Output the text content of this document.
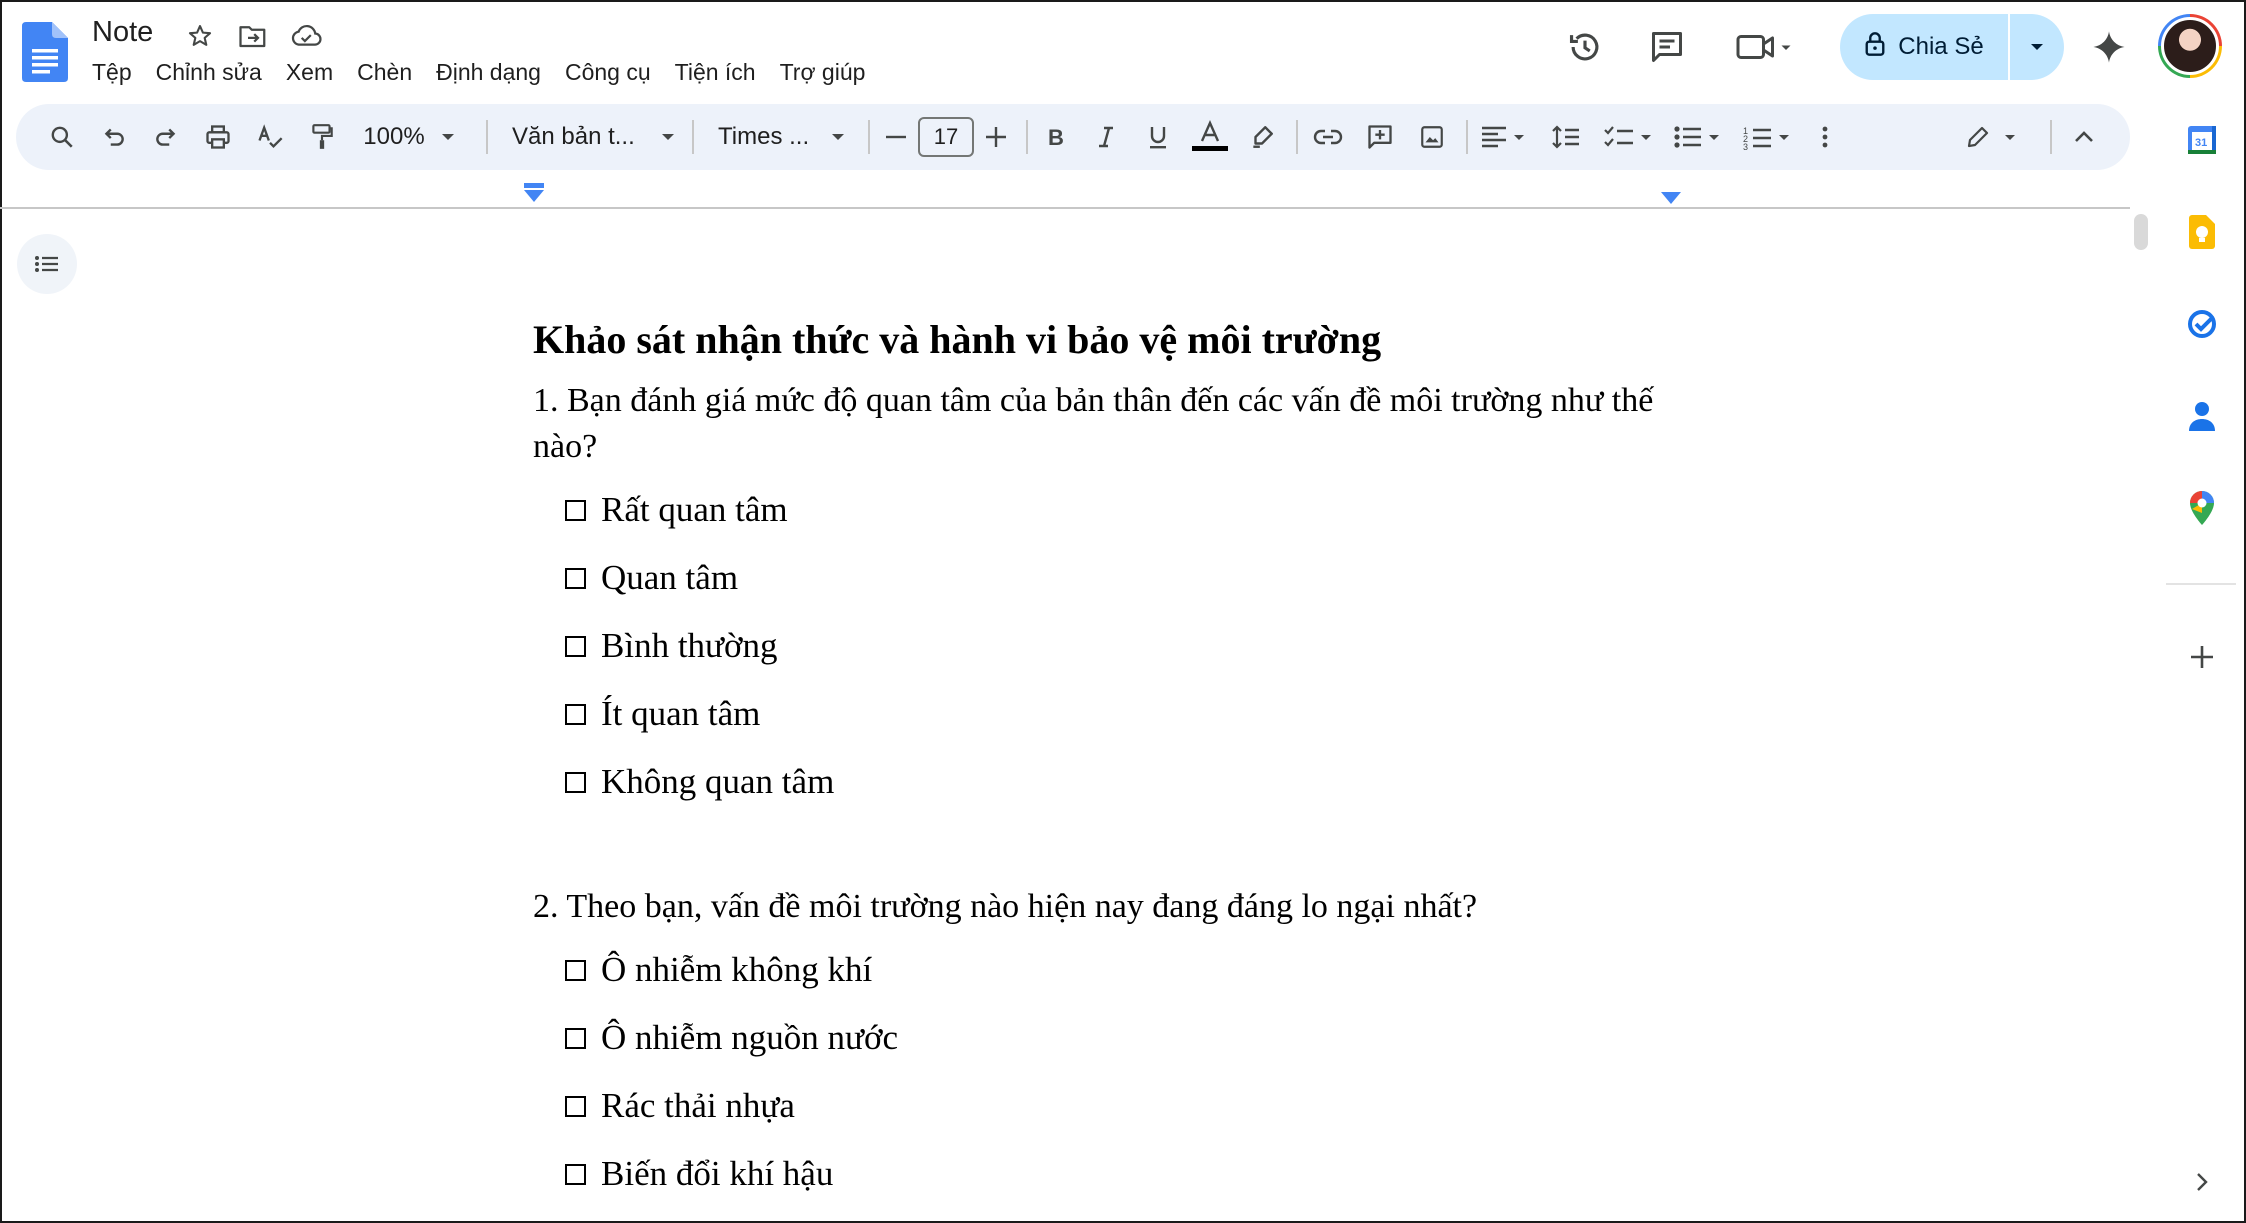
Note
Tệp	Chỉnh sửa	Xem	Chèn	Định dạng	Công cụ	Tiện ích	Trợ giúp
Chia Sẻ
100%	Văn bản t...	Times ...	17	B	1
2
3	31
Khảo sát nhận thức và hành vi bảo vệ môi trường
1. Bạn đánh giá mức độ quan tâm của bản thân đến các vấn đề môi trường như thế nào?
Rất quan tâm
Quan tâm
Bình thường
Ít quan tâm
Không quan tâm
2. Theo bạn, vấn đề môi trường nào hiện nay đang đáng lo ngại nhất?
Ô nhiễm không khí
Ô nhiễm nguồn nước
Rác thải nhựa
Biến đổi khí hậu
